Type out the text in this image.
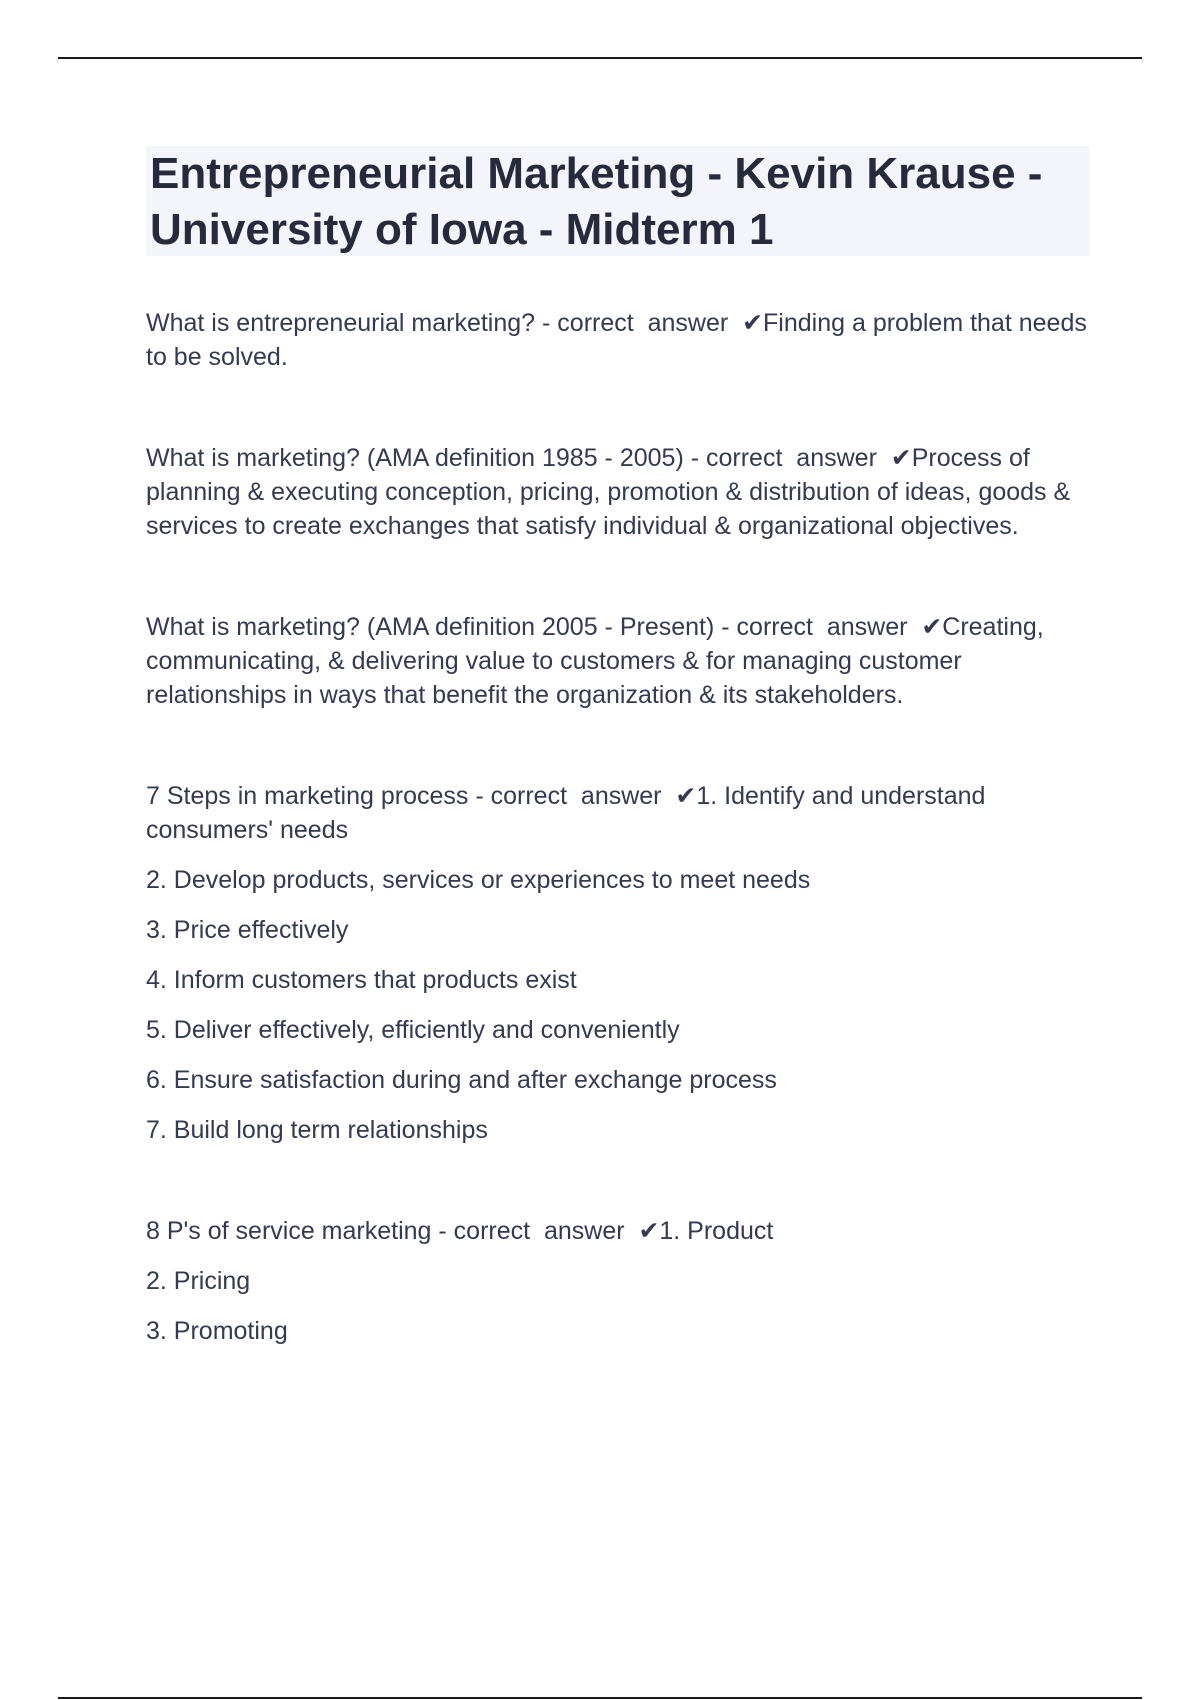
Entrepreneurial Marketing - Kevin Krause - University of Iowa - Midterm 1

What is entrepreneurial marketing? - correct  answer  ✔Finding a problem that needs to be solved.

What is marketing? (AMA definition 1985 - 2005) - correct  answer  ✔Process of planning & executing conception, pricing, promotion & distribution of ideas, goods & services to create exchanges that satisfy individual & organizational objectives.

What is marketing? (AMA definition 2005 - Present) - correct  answer  ✔Creating, communicating, & delivering value to customers & for managing customer relationships in ways that benefit the organization & its stakeholders.

7 Steps in marketing process - correct  answer  ✔1. Identify and understand consumers' needs

2. Develop products, services or experiences to meet needs

3. Price effectively

4. Inform customers that products exist

5. Deliver effectively, efficiently and conveniently

6. Ensure satisfaction during and after exchange process

7. Build long term relationships

8 P's of service marketing - correct  answer  ✔1. Product

2. Pricing

3. Promoting
